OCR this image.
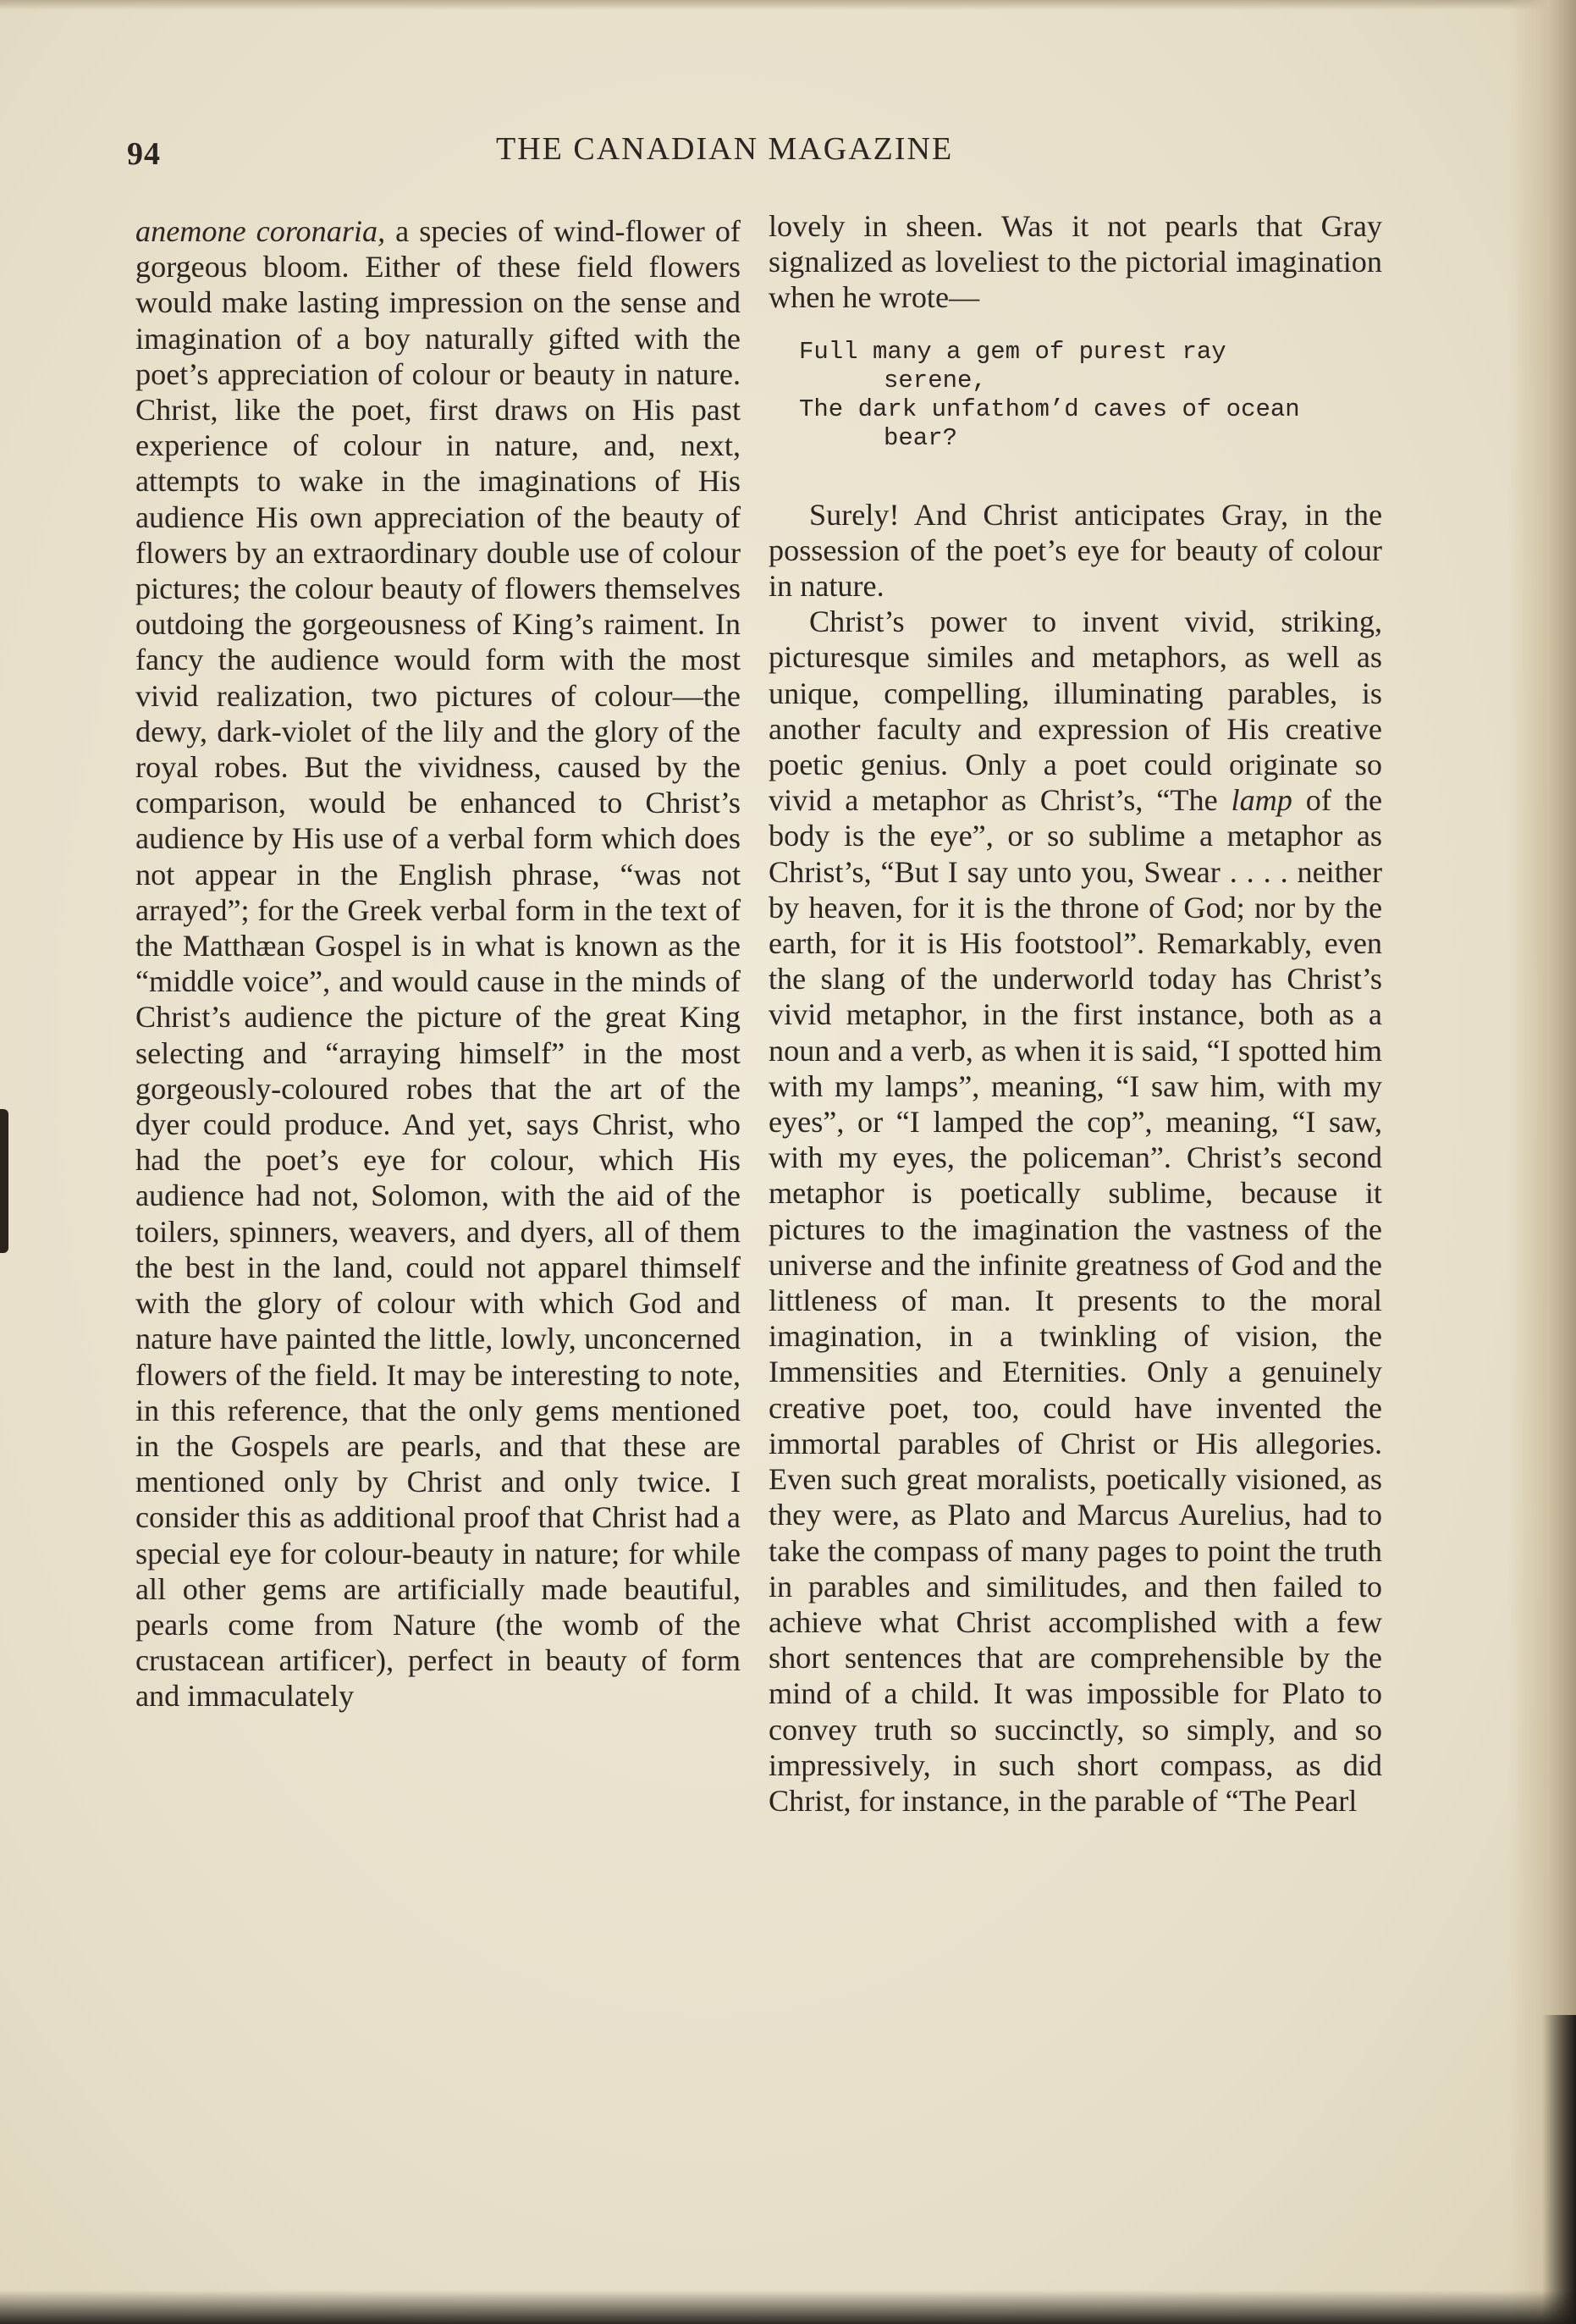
94	THE CANADIAN MAGAZINE

anemone coronaria, a species of wind-flower of gorgeous bloom. Either of these field flowers would make lasting impression on the sense and imagination of a boy naturally gifted with the poet’s appreciation of colour or beauty in nature. Christ, like the poet, first draws on His past experience of colour in nature, and, next, attempts to wake in the imaginations of His audience His own appreciation of the beauty of flowers by an extraordinary double use of colour pictures; the colour beauty of flowers themselves outdoing the gorgeousness of King’s raiment. In fancy the audience would form with the most vivid realization, two pictures of colour—the dewy, dark-violet of the lily and the glory of the royal robes. But the vividness, caused by the comparison, would be enhanced to Christ’s audience by His use of a verbal form which does not appear in the English phrase, “was not arrayed”; for the Greek verbal form in the text of the Matthæan Gospel is in what is known as the “middle voice”, and would cause in the minds of Christ’s audience the picture of the great King selecting and “arraying himself” in the most gorgeously-coloured robes that the art of the dyer could produce. And yet, says Christ, who had the poet’s eye for colour, which His audience had not, Solomon, with the aid of the toilers, spinners, weavers, and dyers, all of them the best in the land, could not apparel thimself with the glory of colour with which God and nature have painted the little, lowly, unconcerned flowers of the field. It may be interesting to note, in this reference, that the only gems mentioned in the Gospels are pearls, and that these are mentioned only by Christ and only twice. I consider this as additional proof that Christ had a special eye for colour-beauty in nature; for while all other gems are artificially made beautiful, pearls come from Nature (the womb of the crustacean artificer), perfect in beauty of form and immaculately

lovely in sheen. Was it not pearls that Gray signalized as loveliest to the pictorial imagination when he wrote—

Full many a gem of purest ray
serene,
The dark unfathom’d caves of ocean
bear?

Surely! And Christ anticipates Gray, in the possession of the poet’s eye for beauty of colour in nature.

Christ’s power to invent vivid, striking, picturesque similes and metaphors, as well as unique, compelling, illuminating parables, is another faculty and expression of His creative poetic genius. Only a poet could originate so vivid a metaphor as Christ’s, “The lamp of the body is the eye”, or so sublime a metaphor as Christ’s, “But I say unto you, Swear . . . . neither by heaven, for it is the throne of God; nor by the earth, for it is His footstool”. Remarkably, even the slang of the underworld today has Christ’s vivid metaphor, in the first instance, both as a noun and a verb, as when it is said, “I spotted him with my lamps”, meaning, “I saw him, with my eyes”, or “I lamped the cop”, meaning, “I saw, with my eyes, the policeman”. Christ’s second metaphor is poetically sublime, because it pictures to the imagination the vastness of the universe and the infinite greatness of God and the littleness of man. It presents to the moral imagination, in a twinkling of vision, the Immensities and Eternities. Only a genuinely creative poet, too, could have invented the immortal parables of Christ or His allegories. Even such great moralists, poetically visioned, as they were, as Plato and Marcus Aurelius, had to take the compass of many pages to point the truth in parables and similitudes, and then failed to achieve what Christ accomplished with a few short sentences that are comprehensible by the mind of a child. It was impossible for Plato to convey truth so succinctly, so simply, and so impressively, in such short compass, as did Christ, for instance, in the parable of “The Pearl
